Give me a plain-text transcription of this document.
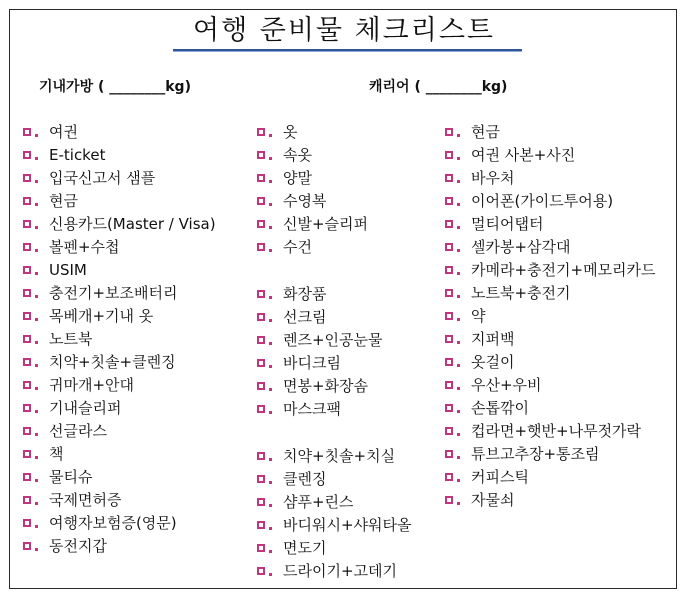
여행 준비물 체크리스트
기내가방 ( ________kg)	캐리어 ( ________kg)
여권
E-ticket
입국신고서 샘플
현금
신용카드(Master / Visa)
볼펜+수첩
USIM
충전기+보조배터리
목베개+기내 옷
노트북
치약+칫솔+클렌징
귀마개+안대
기내슬리퍼
선글라스
책
물티슈
국제면허증
여행자보험증(영문)
동전지갑
옷
속옷
양말
수영복
신발+슬리퍼
수건
화장품
선크림
렌즈+인공눈물
바디크림
면봉+화장솜
마스크팩
치약+칫솔+치실
클렌징
샴푸+린스
바디워시+샤워타올
면도기
드라이기+고데기
현금
여권 사본+사진
바우처
이어폰(가이드투어용)
멀티어탭터
셀카봉+삼각대
카메라+충전기+메모리카드
노트북+충전기
약
지퍼백
옷걸이
우산+우비
손톱깎이
컵라면+햇반+나무젓가락
튜브고추장+통조림
커피스틱
자물쇠
